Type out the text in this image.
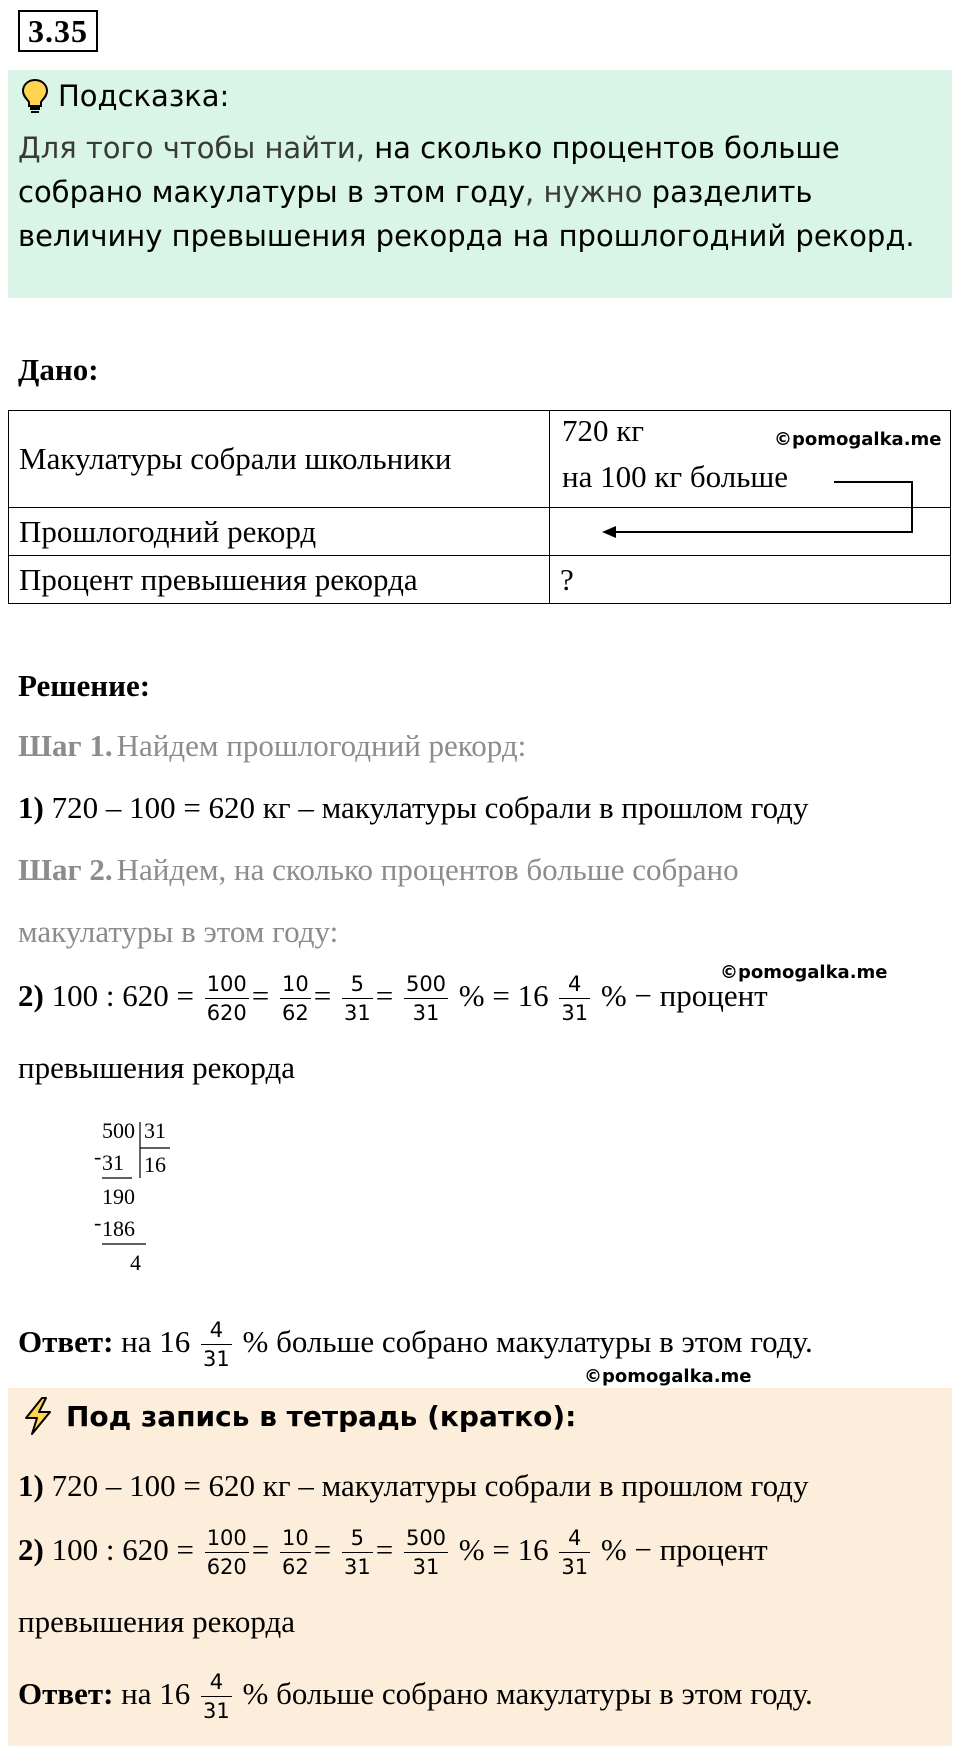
3.35
Подсказка:
Для того чтобы найти, на сколько процентов больше собрано макулатуры в этом году, нужно разделить величину превышения рекорда на прошлогодний рекорд.
Дано:
Макулатуры собрали школьники	720 кг ©pomogalka.me
на 100 кг больше

Прошлогодний рекорд	
Процент превышения рекорда	?
Решение:
Шаг 1. Найдем прошлогодний рекорд:
1) 720 – 100 = 620 кг – макулатуры собрали в прошлом году
Шаг 2. Найдем, на сколько процентов больше собрано
макулатуры в этом году:
©pomogalka.me
2) 100 : $620 = \frac{100}{620} = \frac{10}{62} = \frac{5}{31} = \frac{500}{31}$ % = $16 \frac{4}{31}$ % − процент
превышения рекорда
500 31
- 31 16
190
- 186
4
Ответ: на $16 \frac{4}{31}$ % больше собрано макулатуры в этом году.
©pomogalka.me
Под запись в тетрадь (кратко):
1) 720 – 100 = 620 кг – макулатуры собрали в прошлом году
2) 100 : $620 = \frac{100}{620} = \frac{10}{62} = \frac{5}{31} = \frac{500}{31}$ % = $16 \frac{4}{31}$ % − процент
превышения рекорда
Ответ: на $16 \frac{4}{31}$ % больше собрано макулатуры в этом году.
